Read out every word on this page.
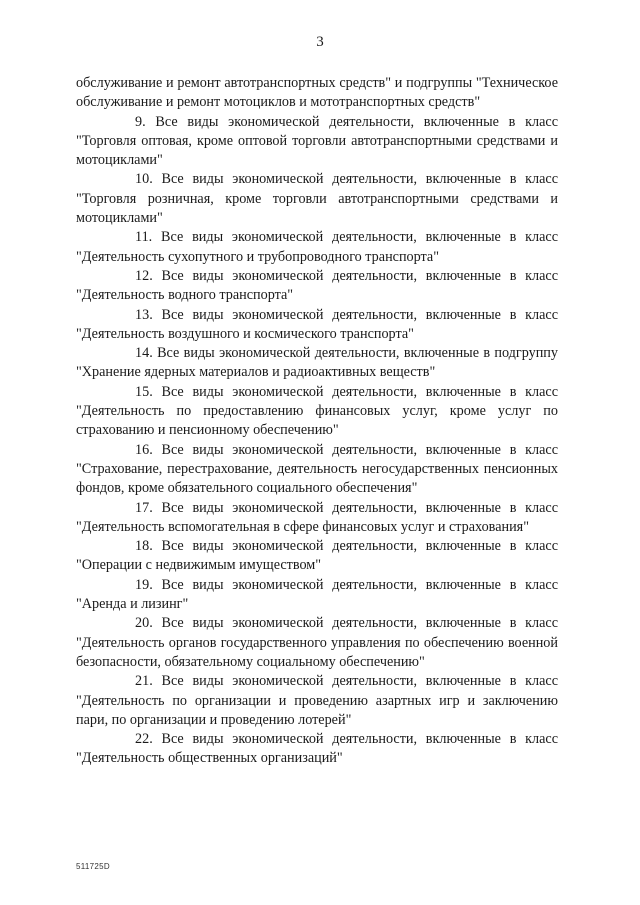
3

обслуживание и ремонт автотранспортных средств" и подгруппы "Техническое обслуживание и ремонт мотоциклов и мототранспортных средств"

9. Все виды экономической деятельности, включенные в класс "Торговля оптовая, кроме оптовой торговли автотранспортными средствами и мотоциклами"

10. Все виды экономической деятельности, включенные в класс "Торговля розничная, кроме торговли автотранспортными средствами и мотоциклами"

11. Все виды экономической деятельности, включенные в класс "Деятельность сухопутного и трубопроводного транспорта"

12. Все виды экономической деятельности, включенные в класс "Деятельность водного транспорта"

13. Все виды экономической деятельности, включенные в класс "Деятельность воздушного и космического транспорта"

14. Все виды экономической деятельности, включенные в подгруппу "Хранение ядерных материалов и радиоактивных веществ"

15. Все виды экономической деятельности, включенные в класс "Деятельность по предоставлению финансовых услуг, кроме услуг по страхованию и пенсионному обеспечению"

16. Все виды экономической деятельности, включенные в класс "Страхование, перестрахование, деятельность негосударственных пенсионных фондов, кроме обязательного социального обеспечения"

17. Все виды экономической деятельности, включенные в класс "Деятельность вспомогательная в сфере финансовых услуг и страхования"

18. Все виды экономической деятельности, включенные в класс "Операции с недвижимым имуществом"

19. Все виды экономической деятельности, включенные в класс "Аренда и лизинг"

20. Все виды экономической деятельности, включенные в класс "Деятельность органов государственного управления по обеспечению военной безопасности, обязательному социальному обеспечению"

21. Все виды экономической деятельности, включенные в класс "Деятельность по организации и проведению азартных игр и заключению пари, по организации и проведению лотерей"

22. Все виды экономической деятельности, включенные в класс "Деятельность общественных организаций"

511725D
